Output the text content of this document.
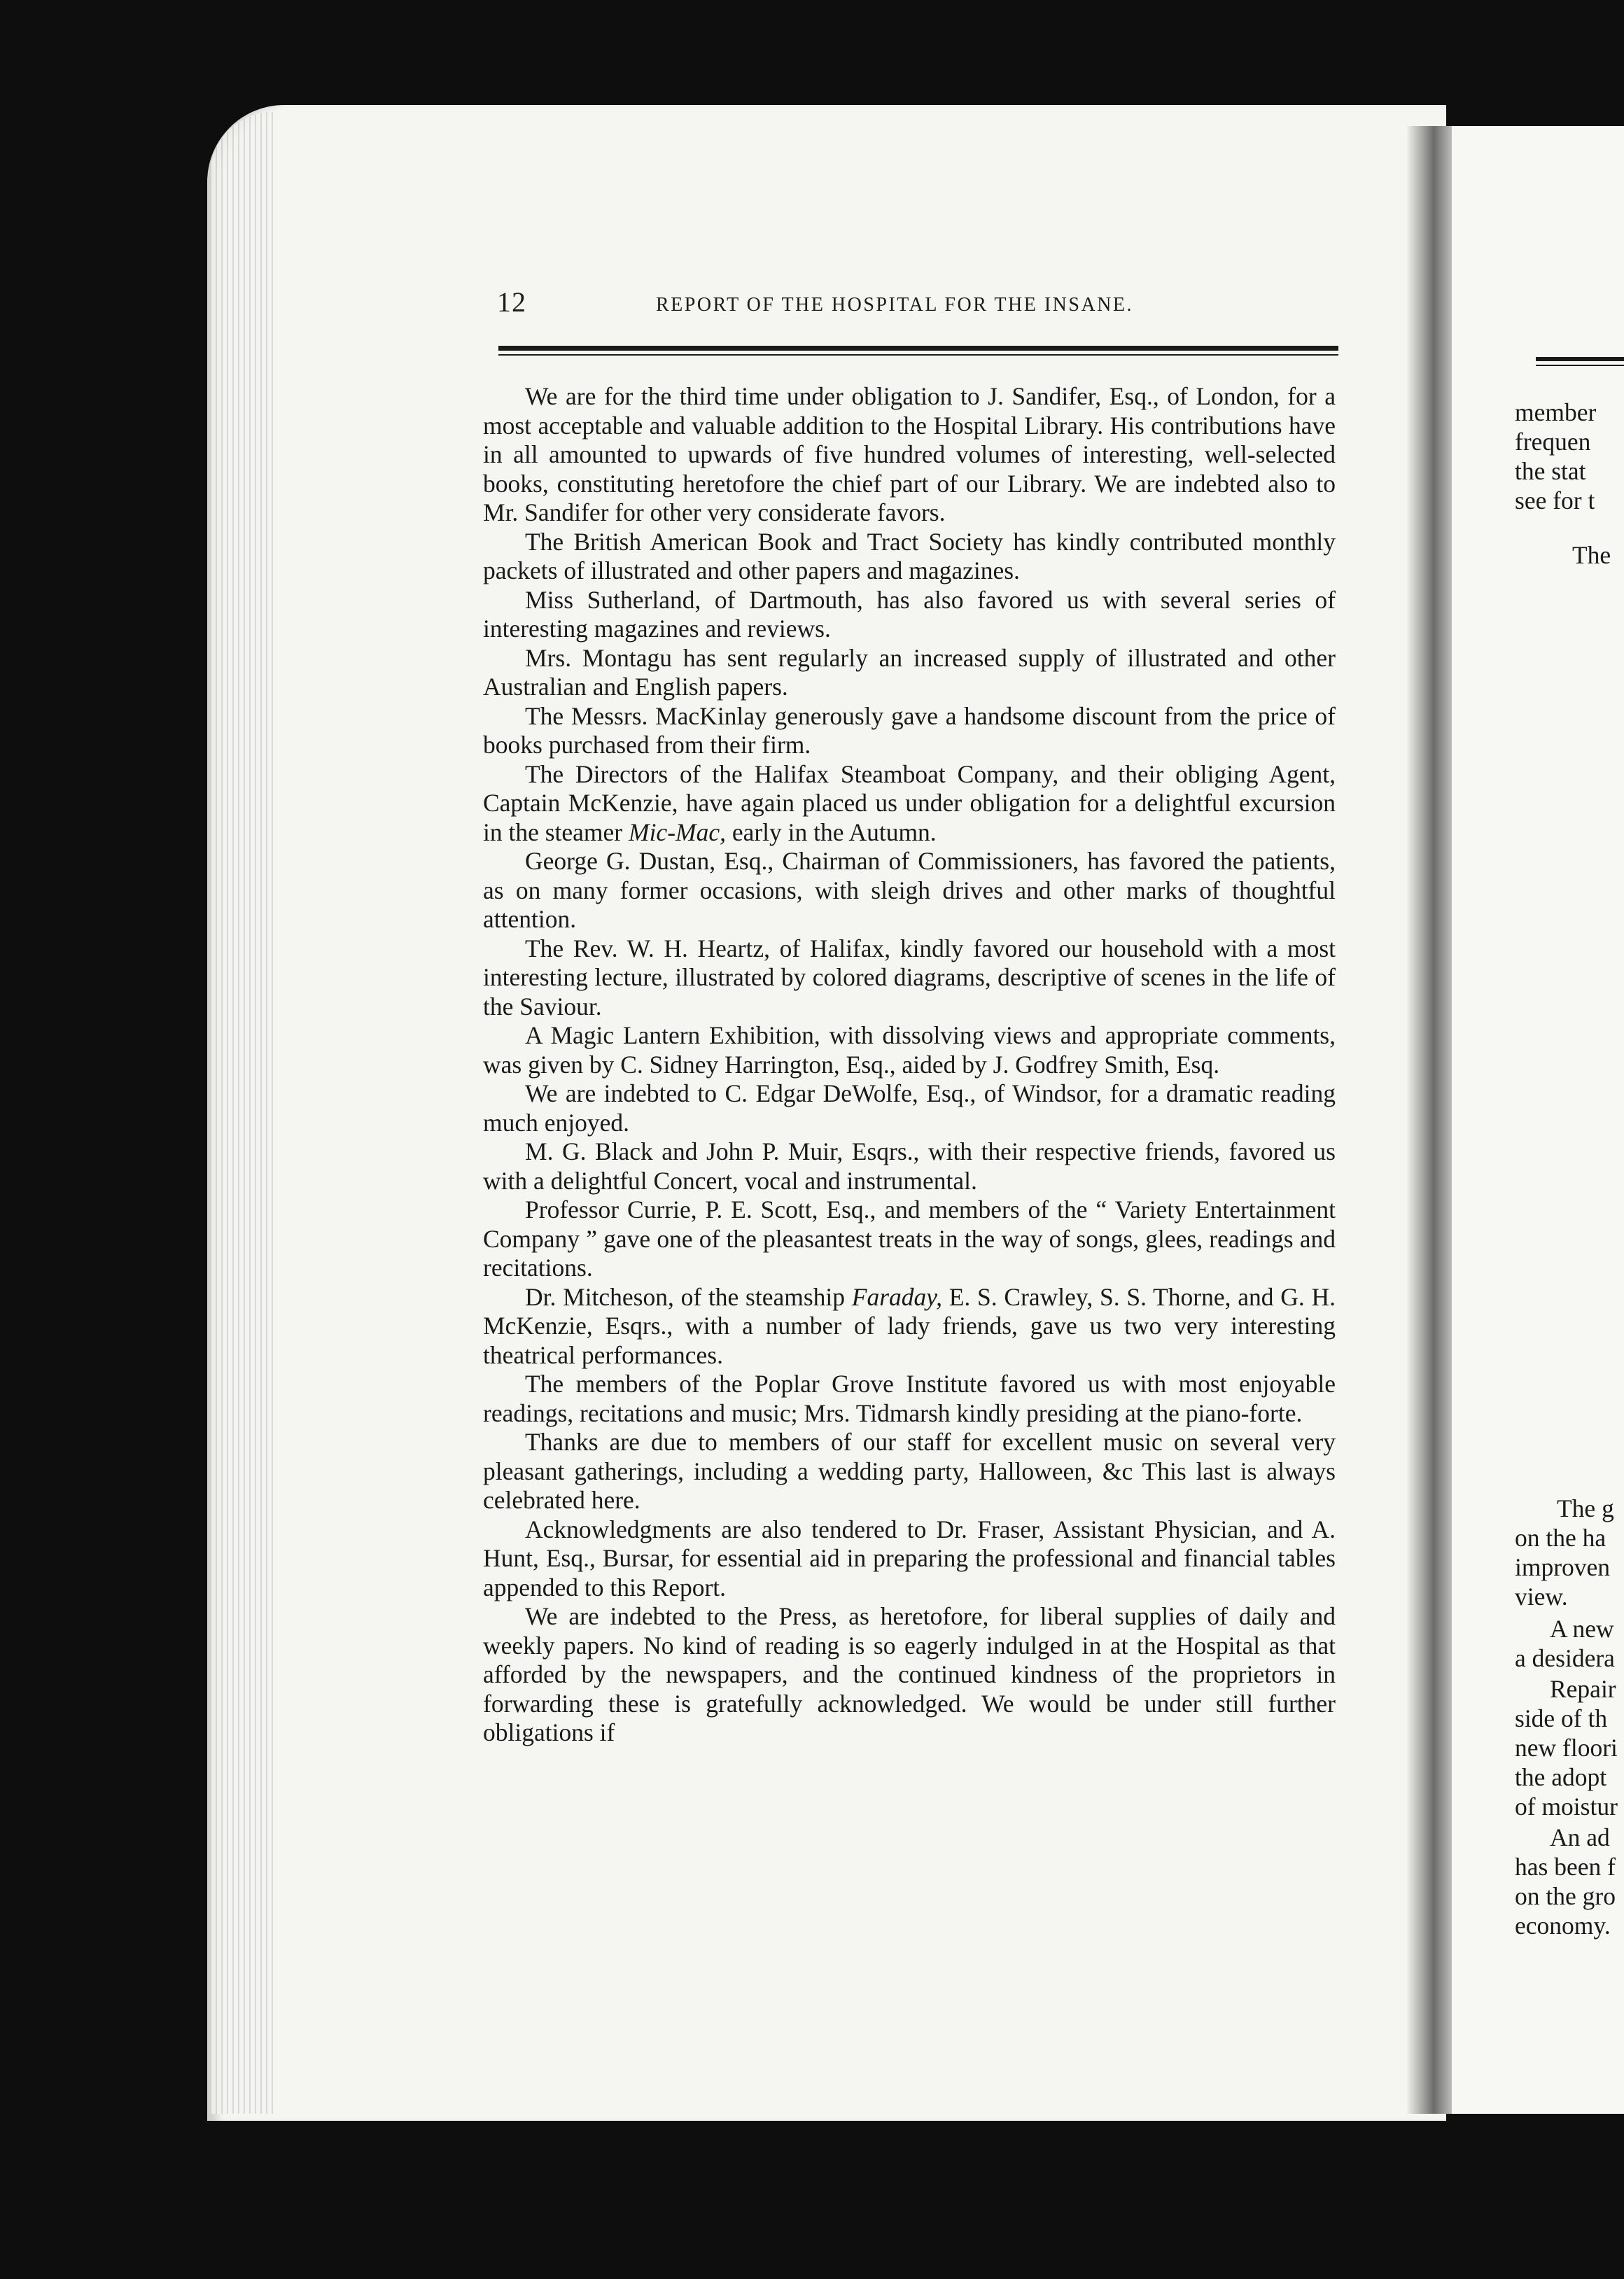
12	REPORT OF THE HOSPITAL FOR THE INSANE.

We are for the third time under obligation to J. Sandifer, Esq., of London, for a most acceptable and valuable addition to the Hospital Library. His contributions have in all amounted to upwards of five hundred volumes of interesting, well-selected books, constituting heretofore the chief part of our Library. We are indebted also to Mr. Sandifer for other very considerate favors.

The British American Book and Tract Society has kindly contributed monthly packets of illustrated and other papers and magazines.

Miss Sutherland, of Dartmouth, has also favored us with several series of interesting magazines and reviews.

Mrs. Montagu has sent regularly an increased supply of illustrated and other Australian and English papers.

The Messrs. MacKinlay generously gave a handsome discount from the price of books purchased from their firm.

The Directors of the Halifax Steamboat Company, and their obliging Agent, Captain McKenzie, have again placed us under obligation for a delightful excursion in the steamer Mic-Mac, early in the Autumn.

George G. Dustan, Esq., Chairman of Commissioners, has favored the patients, as on many former occasions, with sleigh drives and other marks of thoughtful attention.

The Rev. W. H. Heartz, of Halifax, kindly favored our household with a most interesting lecture, illustrated by colored diagrams, descriptive of scenes in the life of the Saviour.

A Magic Lantern Exhibition, with dissolving views and appropriate comments, was given by C. Sidney Harrington, Esq., aided by J. Godfrey Smith, Esq.

We are indebted to C. Edgar DeWolfe, Esq., of Windsor, for a dramatic reading much enjoyed.

M. G. Black and John P. Muir, Esqrs., with their respective friends, favored us with a delightful Concert, vocal and instrumental.

Professor Currie, P. E. Scott, Esq., and members of the “ Variety Entertainment Company ” gave one of the pleasantest treats in the way of songs, glees, readings and recitations.

Dr. Mitcheson, of the steamship Faraday, E. S. Crawley, S. S. Thorne, and G. H. McKenzie, Esqrs., with a number of lady friends, gave us two very interesting theatrical performances.

The members of the Poplar Grove Institute favored us with most enjoyable readings, recitations and music; Mrs. Tidmarsh kindly presiding at the piano-forte.

Thanks are due to members of our staff for excellent music on several very pleasant gatherings, including a wedding party, Halloween, &c This last is always celebrated here.

Acknowledgments are also tendered to Dr. Fraser, Assistant Physician, and A. Hunt, Esq., Bursar, for essential aid in preparing the professional and financial tables appended to this Report.

We are indebted to the Press, as heretofore, for liberal supplies of daily and weekly papers. No kind of reading is so eagerly indulged in at the Hospital as that afforded by the newspapers, and the continued kindness of the proprietors in forwarding these is gratefully acknowledged. We would be under still further obligations if

member
frequen
the stat
see for t
The
The g
on the ha
improven
view.
A new
a desidera
Repair
side of th
new floori
the adopt
of moistur
An ad
has been f
on the gro
economy.
